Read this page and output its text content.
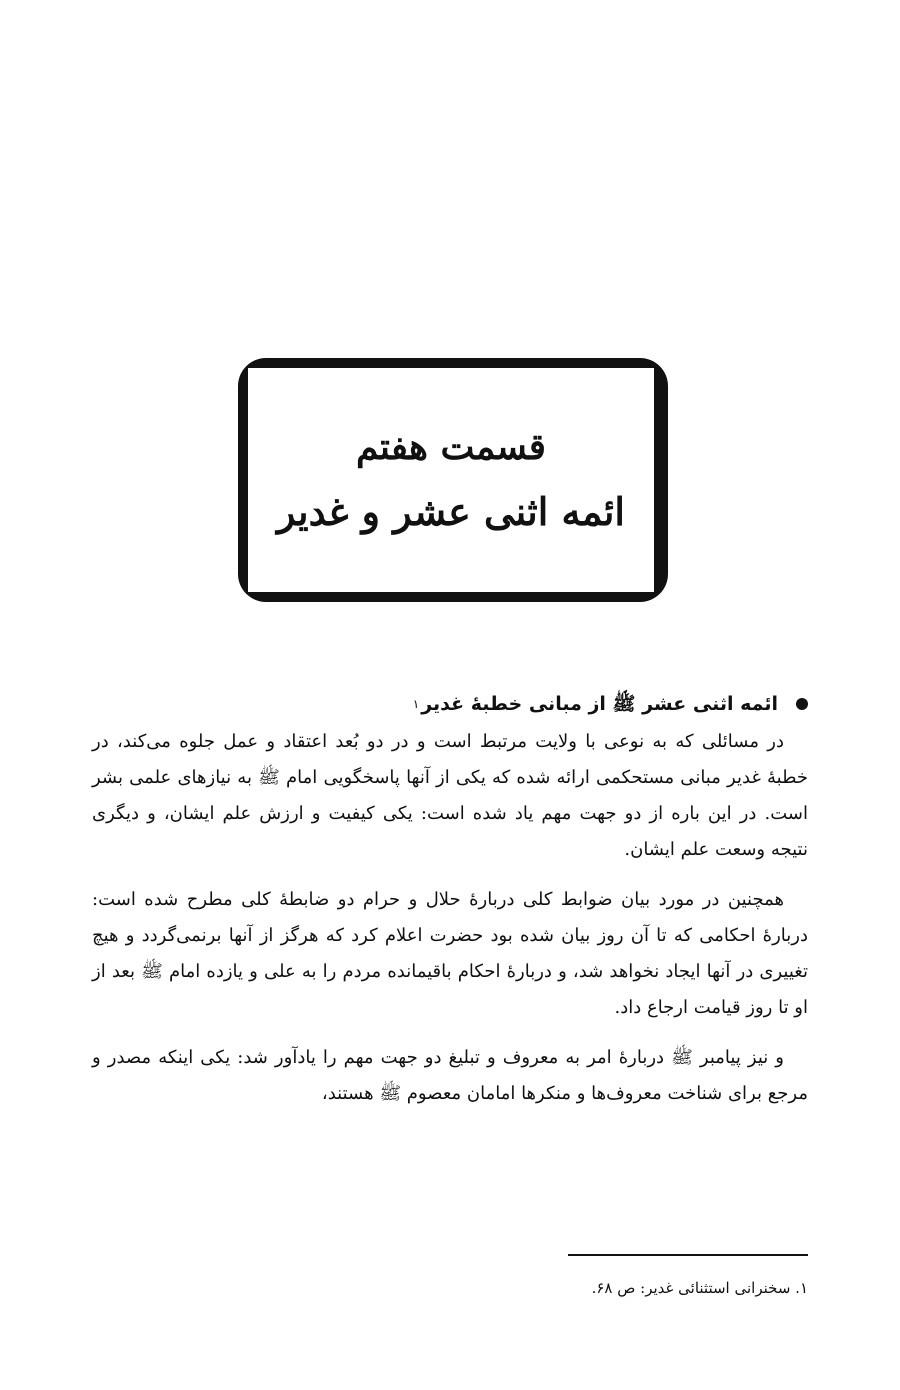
قسمت هفتم
ائمه اثنی عشر و غدیر
ائمه اثنی عشر ﷺ از مبانی خطبهٔ غدیر
۱

در مسائلی که به نوعی با ولایت مرتبط است و در دو بُعد اعتقاد و عمل جلوه می‌کند، در خطبهٔ غدیر مبانی مستحکمی ارائه شده که یکی از آنها پاسخگویی امام ﷺ به نیازهای علمی بشر است. در این باره از دو جهت مهم یاد شده است: یکی کیفیت و ارزش علم ایشان، و دیگری نتیجه وسعت علم ایشان.

همچنین در مورد بیان ضوابط کلی دربارهٔ حلال و حرام دو ضابطهٔ کلی مطرح شده است: دربارهٔ احکامی که تا آن روز بیان شده بود حضرت اعلام کرد که هرگز از آنها برنمی‌گردد و هیچ تغییری در آنها ایجاد نخواهد شد، و دربارهٔ احکام باقیمانده مردم را به علی و یازده امام ﷺ بعد از او تا روز قیامت ارجاع داد.

و نیز پیامبر ﷺ دربارهٔ امر به معروف و تبلیغ دو جهت مهم را یادآور شد: یکی اینکه مصدر و مرجع برای شناخت معروف‌ها و منکرها امامان معصوم ﷺ هستند،

۱. سخنرانی استثنائی غدیر: ص ۶۸.
